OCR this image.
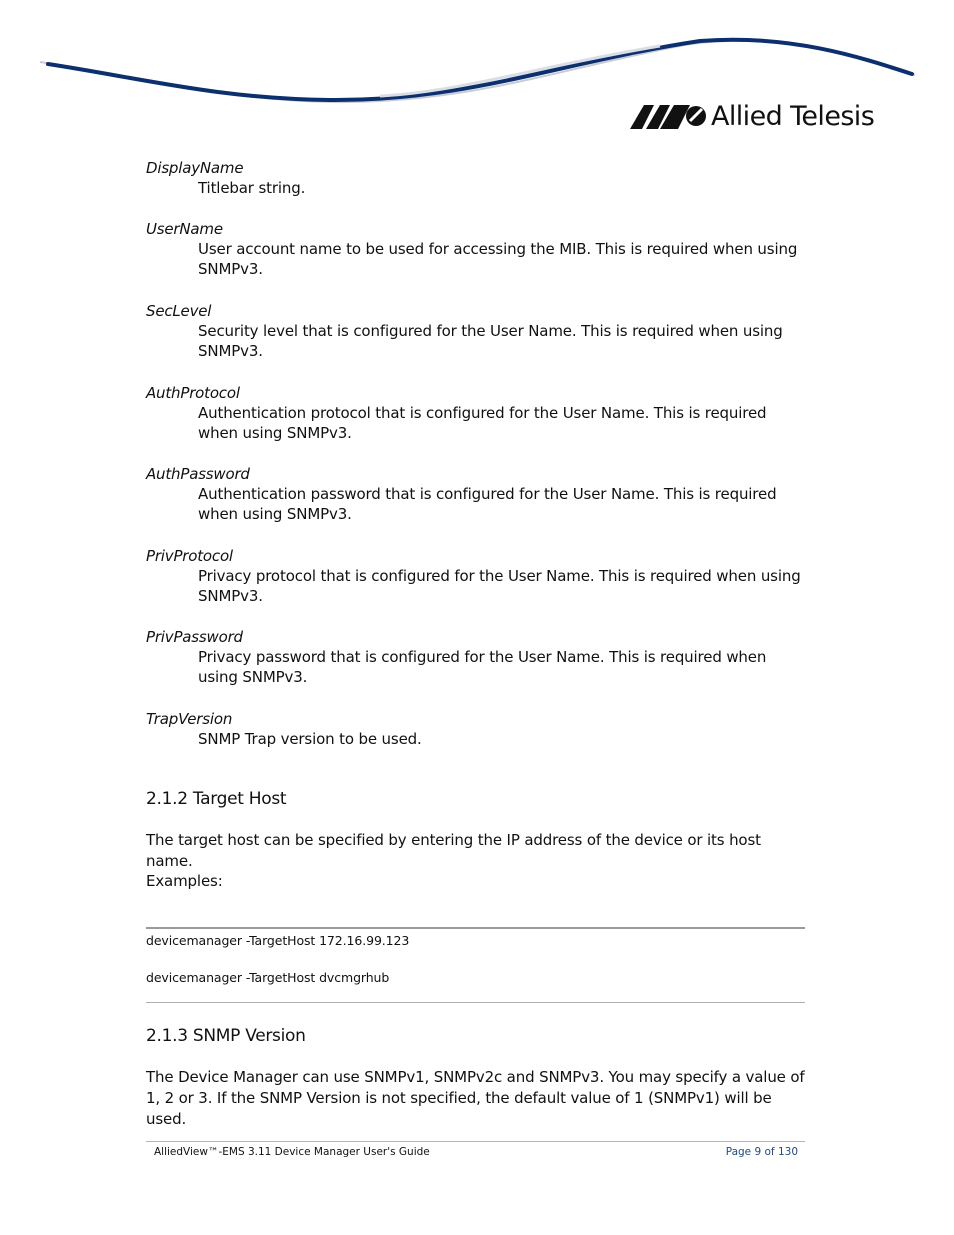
Allied Telesis
DisplayName
Titlebar string.
UserName
User account name to be used for accessing the MIB. This is required when using SNMPv3.
SecLevel
Security level that is configured for the User Name. This is required when using SNMPv3.
AuthProtocol
Authentication protocol that is configured for the User Name. This is required when using SNMPv3.
AuthPassword
Authentication password that is configured for the User Name. This is required when using SNMPv3.
PrivProtocol
Privacy protocol that is configured for the User Name. This is required when using SNMPv3.
PrivPassword
Privacy password that is configured for the User Name. This is required when using SNMPv3.
TrapVersion
SNMP Trap version to be used.
2.1.2 Target Host
The target host can be specified by entering the IP address of the device or its host name.
Examples:
devicemanager -TargetHost 172.16.99.123
devicemanager -TargetHost dvcmgrhub
2.1.3 SNMP Version
The Device Manager can use SNMPv1, SNMPv2c and SNMPv3. You may specify a value of 1, 2 or 3. If the SNMP Version is not specified, the default value of 1 (SNMPv1) will be used.
AlliedView™-EMS 3.11 Device Manager User's Guide	Page 9 of 130
